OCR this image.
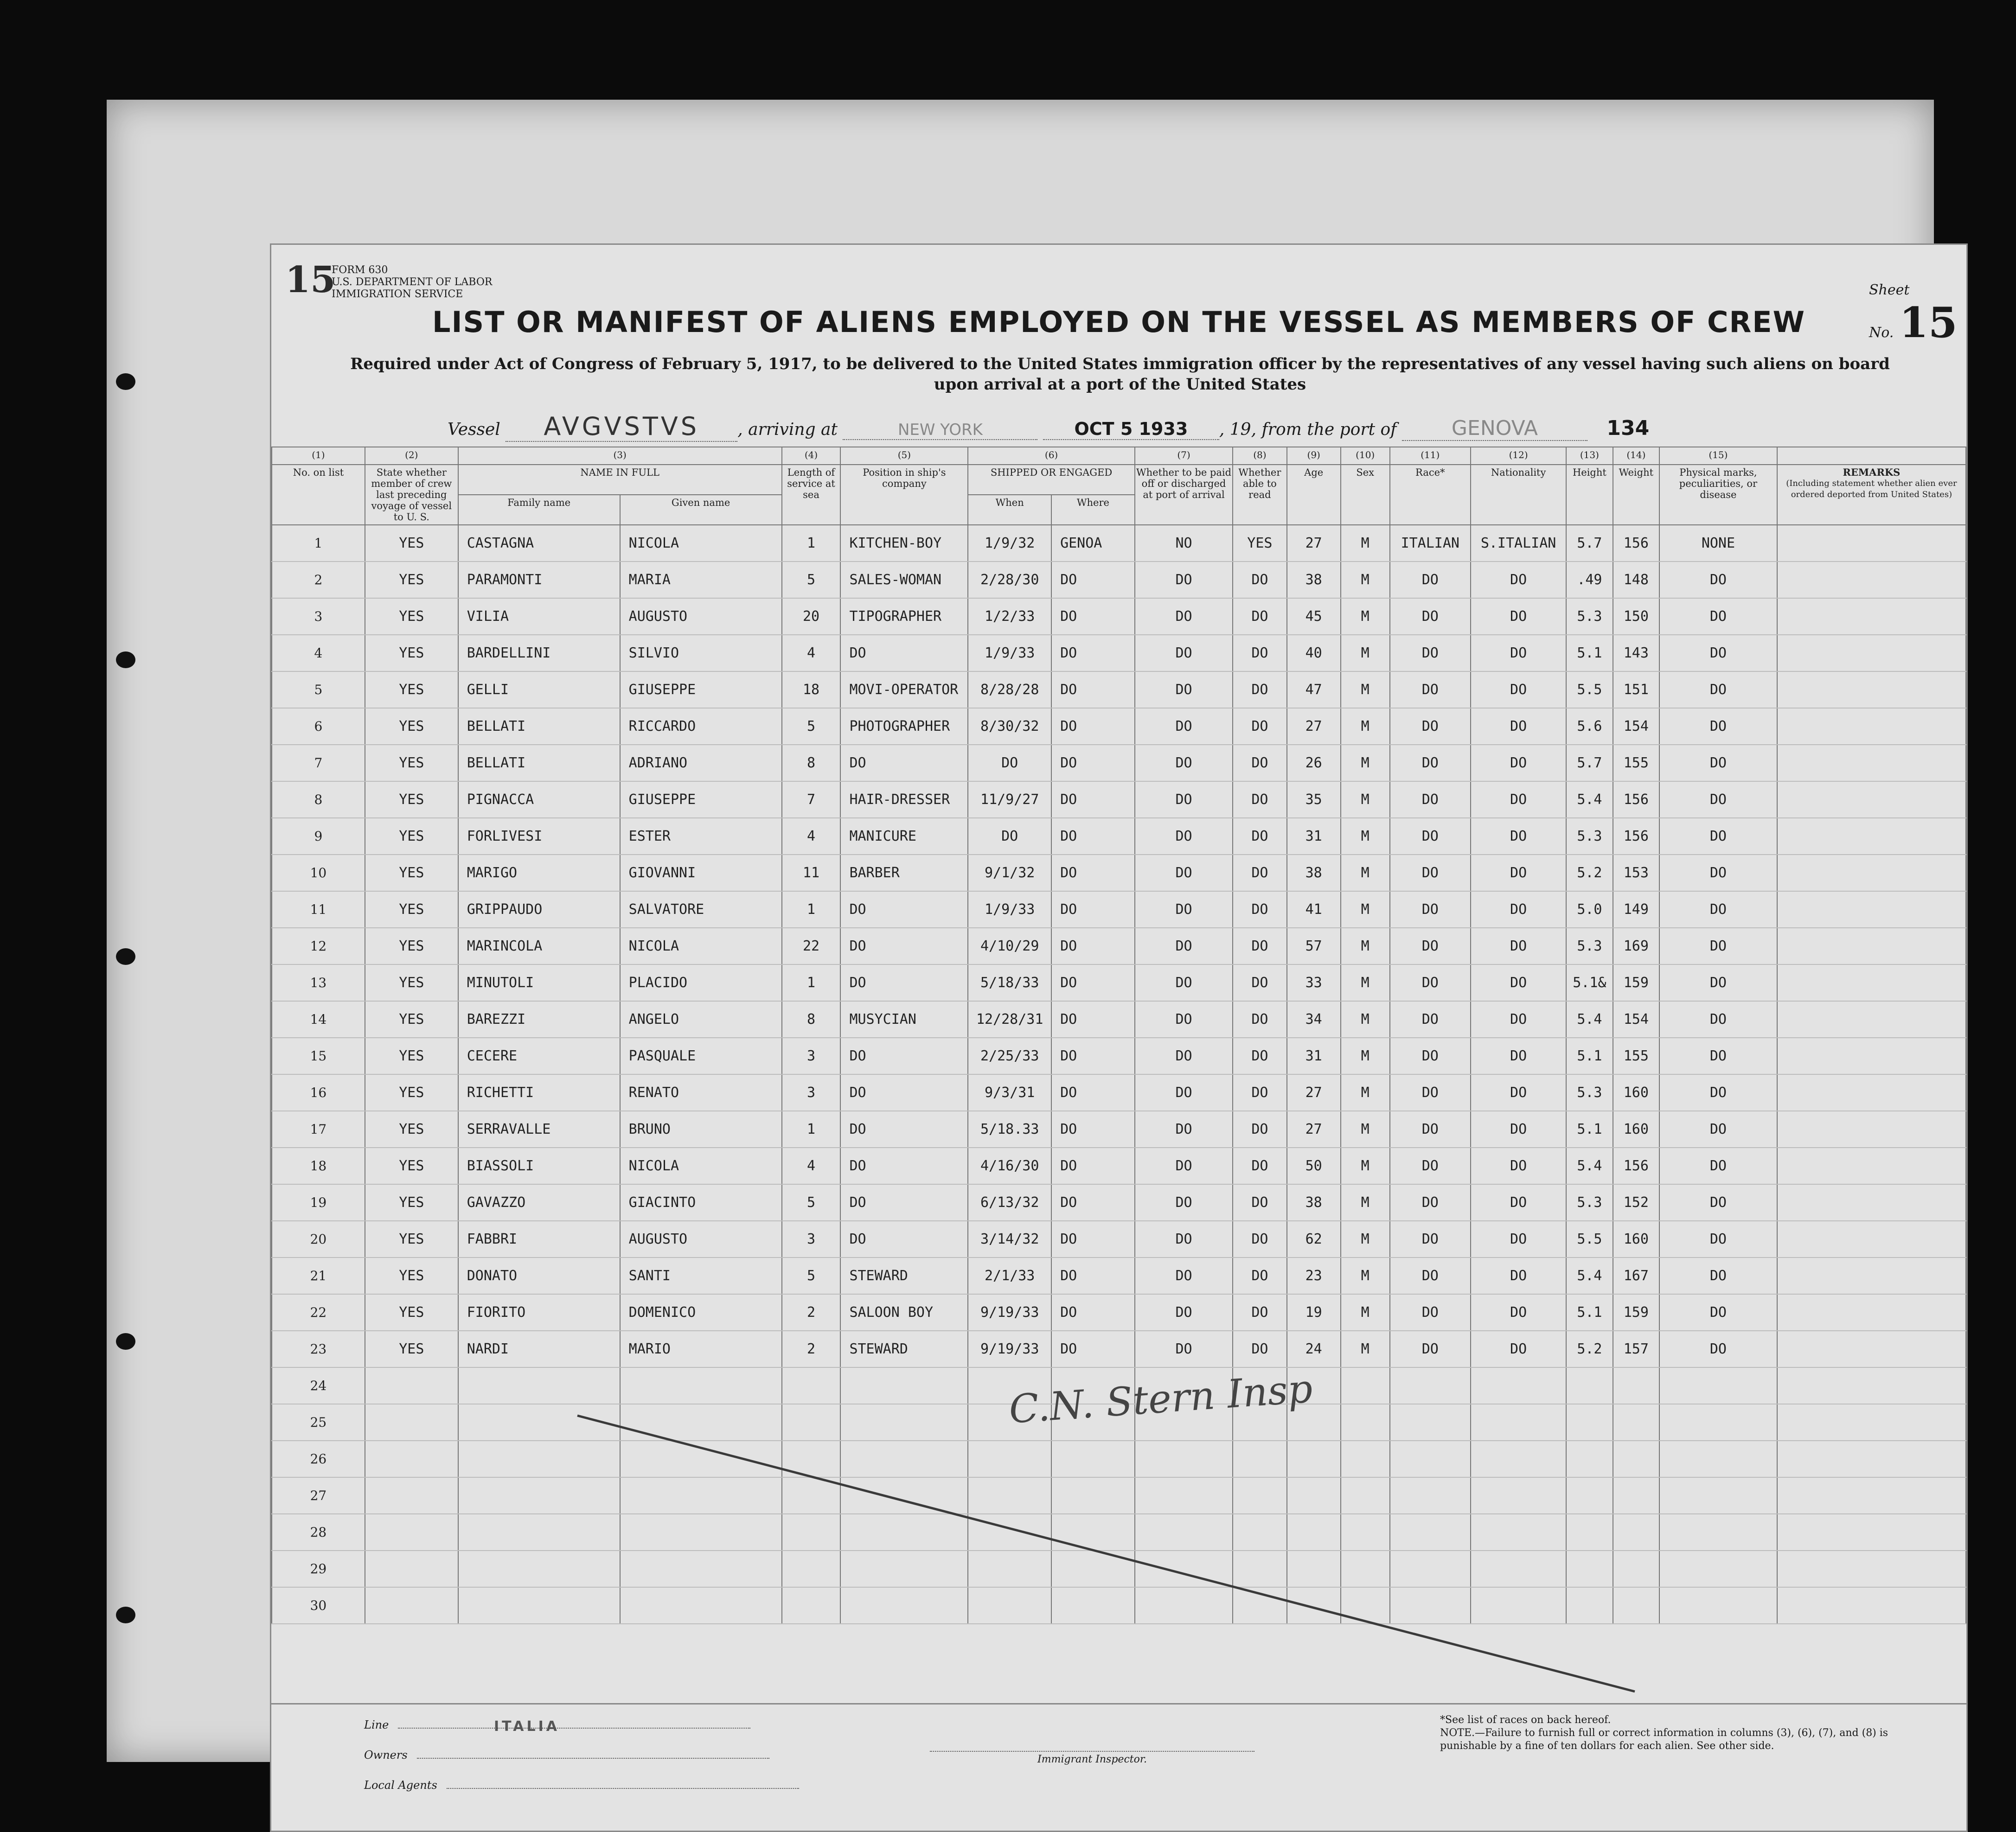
15
FORM 630
U.S. DEPARTMENT OF LABOR
IMMIGRATION SERVICE	Sheet No. 15
LIST OR MANIFEST OF ALIENS EMPLOYED ON THE VESSEL AS MEMBERS OF CREW
Required under Act of Congress of February 5, 1917, to be delivered to the United States immigration officer by the representatives of any vessel having such aliens on board upon arrival at a port of the United States
Vessel AVGVSTVS , arriving at	NEW YORK	OCT 5 1933 , 19, from the port of	GENOVA	134
(1)	(2)	(3)		(4)	(5)	(6)		(7)	(8)	(9)	(10)	(11)	(12)	(13)	(14)	(15)	
No. on list	State whether member of crew last preceding voyage of vessel to U. S.	NAME IN FULL		Length of service at sea	Position in ship's company	SHIPPED OR ENGAGED		Whether to be paid off or discharged at port of arrival	Whether able to read	Age	Sex	Race*	Nationality	Height	Weight	Physical marks, peculiarities, or disease	REMARKS
(Including statement whether alien ever ordered deported from United States)

		Family name	Given name			When	Where										
1	YES	CASTAGNA	NICOLA	1	KITCHEN-BOY	1/9/32	GENOA	NO	YES	27	M	ITALIAN	S.ITALIAN	5.7	156	NONE	
2	YES	PARAMONTI	MARIA	5	SALES-WOMAN	2/28/30	DO	DO	DO	38	M	DO	DO	.49	148	DO	
3	YES	VILIA	AUGUSTO	20	TIPOGRAPHER	1/2/33	DO	DO	DO	45	M	DO	DO	5.3	150	DO	
4	YES	BARDELLINI	SILVIO	4	DO	1/9/33	DO	DO	DO	40	M	DO	DO	5.1	143	DO	
5	YES	GELLI	GIUSEPPE	18	MOVI-OPERATOR	8/28/28	DO	DO	DO	47	M	DO	DO	5.5	151	DO	
6	YES	BELLATI	RICCARDO	5	PHOTOGRAPHER	8/30/32	DO	DO	DO	27	M	DO	DO	5.6	154	DO	
7	YES	BELLATI	ADRIANO	8	DO	DO	DO	DO	DO	26	M	DO	DO	5.7	155	DO	
8	YES	PIGNACCA	GIUSEPPE	7	HAIR-DRESSER	11/9/27	DO	DO	DO	35	M	DO	DO	5.4	156	DO	
9	YES	FORLIVESI	ESTER	4	MANICURE	DO	DO	DO	DO	31	M	DO	DO	5.3	156	DO	
10	YES	MARIGO	GIOVANNI	11	BARBER	9/1/32	DO	DO	DO	38	M	DO	DO	5.2	153	DO	
11	YES	GRIPPAUDO	SALVATORE	1	DO	1/9/33	DO	DO	DO	41	M	DO	DO	5.0	149	DO	
12	YES	MARINCOLA	NICOLA	22	DO	4/10/29	DO	DO	DO	57	M	DO	DO	5.3	169	DO	
13	YES	MINUTOLI	PLACIDO	1	DO	5/18/33	DO	DO	DO	33	M	DO	DO	5.1&	159	DO	
14	YES	BAREZZI	ANGELO	8	MUSYCIAN	12/28/31	DO	DO	DO	34	M	DO	DO	5.4	154	DO	
15	YES	CECERE	PASQUALE	3	DO	2/25/33	DO	DO	DO	31	M	DO	DO	5.1	155	DO	
16	YES	RICHETTI	RENATO	3	DO	9/3/31	DO	DO	DO	27	M	DO	DO	5.3	160	DO	
17	YES	SERRAVALLE	BRUNO	1	DO	5/18.33	DO	DO	DO	27	M	DO	DO	5.1	160	DO	
18	YES	BIASSOLI	NICOLA	4	DO	4/16/30	DO	DO	DO	50	M	DO	DO	5.4	156	DO	
19	YES	GAVAZZO	GIACINTO	5	DO	6/13/32	DO	DO	DO	38	M	DO	DO	5.3	152	DO	
20	YES	FABBRI	AUGUSTO	3	DO	3/14/32	DO	DO	DO	62	M	DO	DO	5.5	160	DO	
21	YES	DONATO	SANTI	5	STEWARD	2/1/33	DO	DO	DO	23	M	DO	DO	5.4	167	DO	
22	YES	FIORITO	DOMENICO	2	SALOON BOY	9/19/33	DO	DO	DO	19	M	DO	DO	5.1	159	DO	
23	YES	NARDI	MARIO	2	STEWARD	9/19/33	DO	DO	DO	24	M	DO	DO	5.2	157	DO	
24																	
25																	
26																	
27																	
28																	
29																	
30																	
C.N. Stern Insp
Line	ITALIA
Owners
Local Agents
Immigrant Inspector.
*See list of races on back hereof.
NOTE.—Failure to furnish full or correct information in columns (3), (6), (7), and (8) is punishable by a fine of ten dollars for each alien. See other side.
